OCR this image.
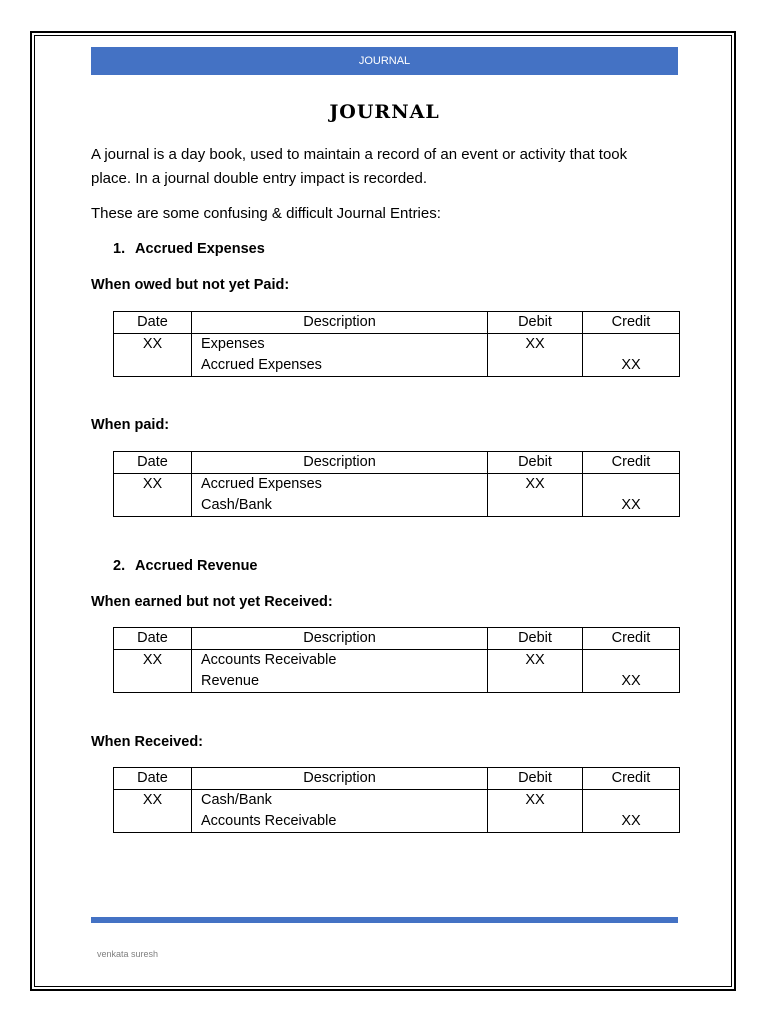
JOURNAL
JOURNAL
A journal is a day book, used to maintain a record of an event or activity that took
place. In a journal double entry impact is recorded.
These are some confusing & difficult Journal Entries:
1. Accrued Expenses
When owed but not yet Paid:
Date	Description	Debit	Credit
XX	Expenses	XX	
	Accrued Expenses		XX
When paid:
Date	Description	Debit	Credit
XX	Accrued Expenses	XX	
	Cash/Bank		XX
2. Accrued Revenue
When earned but not yet Received:
Date	Description	Debit	Credit
XX	Accounts Receivable	XX	
	Revenue		XX
When Received:
Date	Description	Debit	Credit
XX	Cash/Bank	XX	
	Accounts Receivable		XX
venkata suresh
